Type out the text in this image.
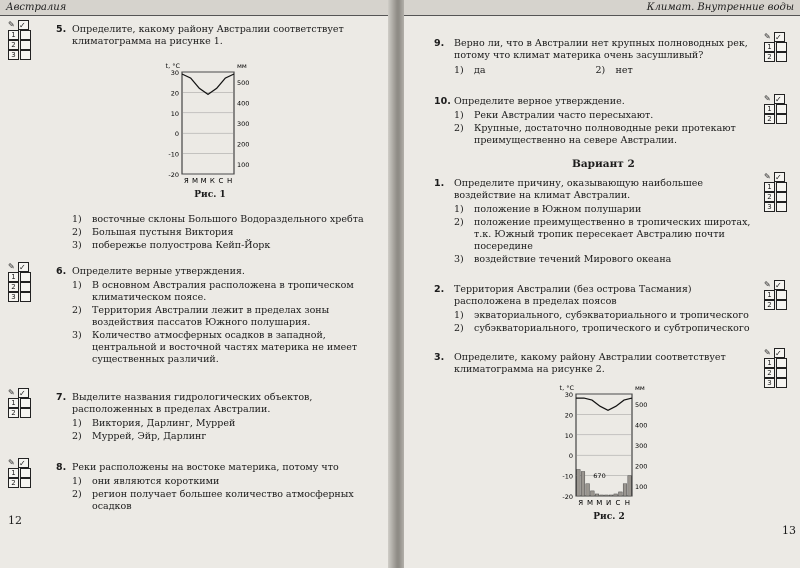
Австралия
✎ ✓
1
2
3
5. Определите, какому району Австралии соответствует климатограмма на рисунке 1.
30
20
10
0
-10
-20
500
400
300
200
100
t, °C	мм
Я М М К С Н
Рис. 1
1)	восточные склоны Большого Водораздельного хребта
2)	Большая пустыня Виктория
3)	побережье полуострова Кейп-Йорк
✎ ✓
1
2
3
6. Определите верные утверждения.
1)	В основном Австралия расположена в тропическом климатическом поясе.
2)	Территория Австралии лежит в пределах зоны воздействия пассатов Южного полушария.
3)	Количество атмосферных осадков в западной, центральной и восточной частях материка не имеет существенных различий.
✎ ✓
1
2
7. Выделите названия гидрологических объектов, расположенных в пределах Австралии.
1)	Виктория, Дарлинг, Муррей
2)	Муррей, Эйр, Дарлинг
✎ ✓
1
2
8. Реки расположены на востоке материка, потому что
1)	они являются короткими
2)	регион получает большее количество атмосферных осадков
12
Климат. Внутренние воды
9. Верно ли, что в Австралии нет крупных полноводных рек, потому что климат материка очень засушливый?
1)	да	2)	нет
✎ ✓
1
2
10. Определите верное утверждение.
1)	Реки Австралии часто пересыхают.
2)	Крупные, достаточно полноводные реки протекают преимущественно на севере Австралии.
✎ ✓
1
2
Вариант 2
1. Определите причину, оказывающую наибольшее воздействие на климат Австралии.
1)	положение в Южном полушарии
2)	положение преимущественно в тропических широтах, т.к. Южный тропик пересекает Австралию почти посередине
3)	воздействие течений Мирового океана
✎ ✓
1
2
3
2. Территория Австралии (без острова Тасмания) расположена в пределах поясов
1)	экваториального, субэкваториального и тропического
2)	субэкваториального, тропического и субтропического
✎ ✓
1
2
3. Определите, какому району Австралии соответствует климатограмма на рисунке 2.
✎ ✓
1
2
3
30
20
10
0
-10
-20
500
400
300
200
100
t, °C	мм
Я М М И С Н
670
Рис. 2
13
